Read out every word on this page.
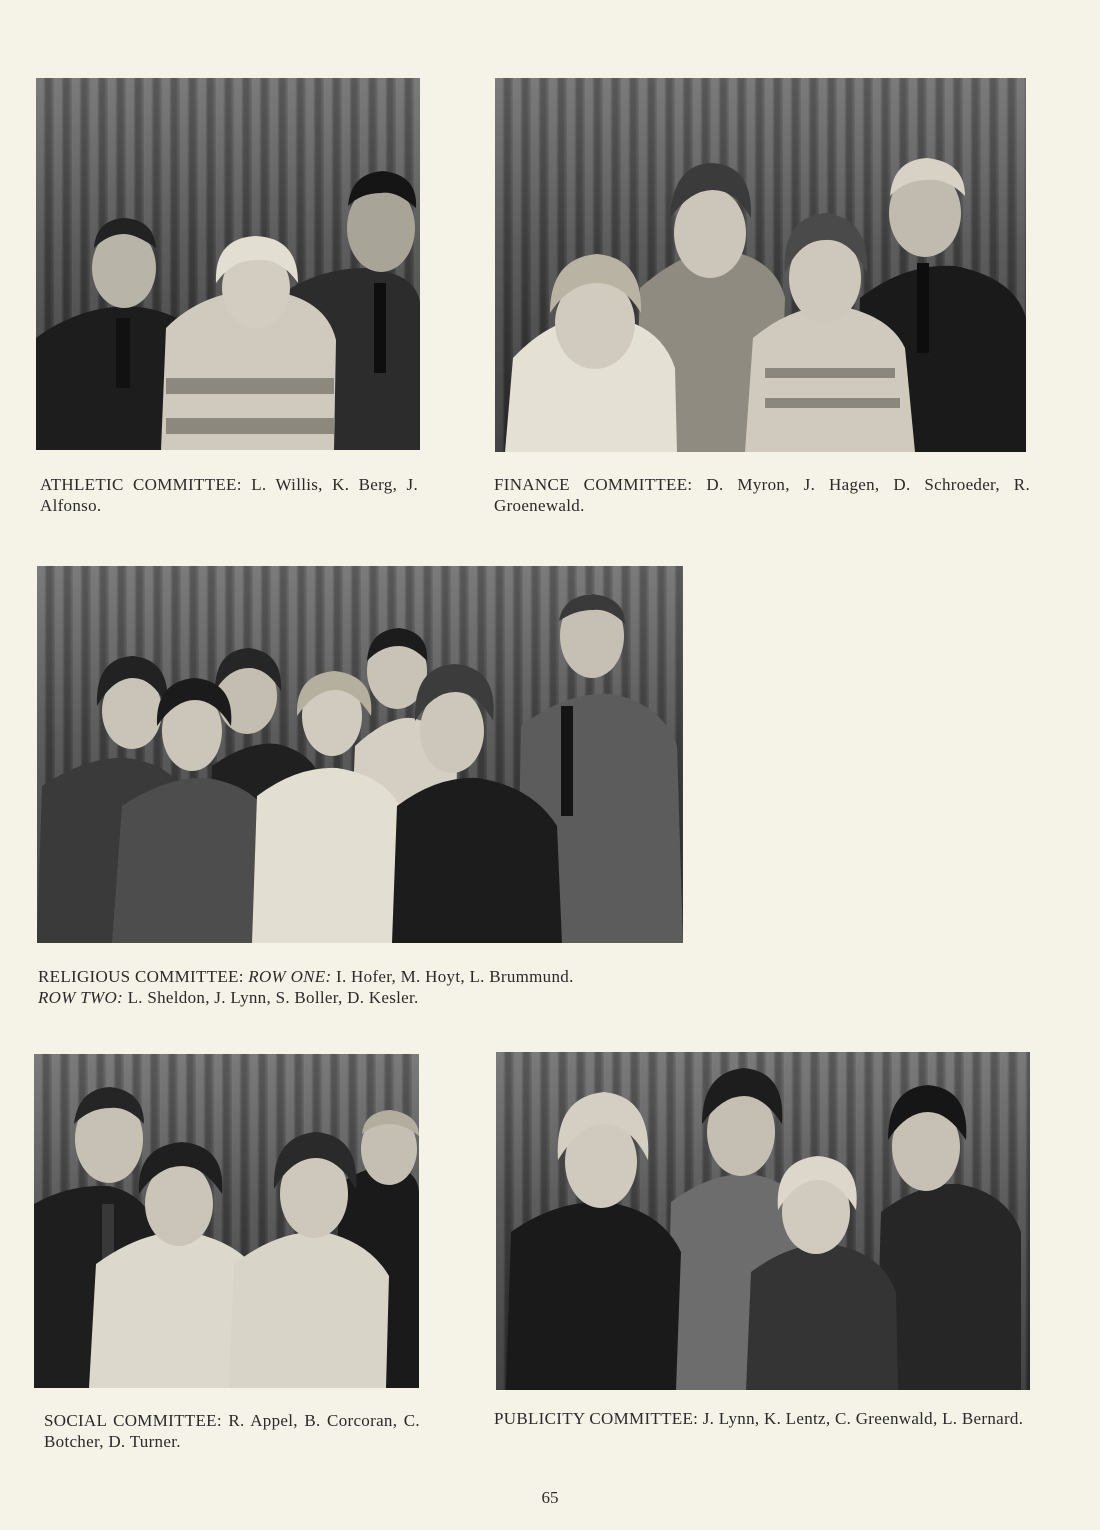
ATHLETIC COMMITTEE: L. Willis, K. Berg, J. Alfonso.
FINANCE COMMITTEE: D. Myron, J. Hagen, D. Schroeder, R. Groenewald.
RELIGIOUS COMMITTEE: ROW ONE: I. Hofer, M. Hoyt, L. Brummund.
ROW TWO: L. Sheldon, J. Lynn, S. Boller, D. Kesler.
SOCIAL COMMITTEE: R. Appel, B. Corcoran, C. Botcher, D. Turner.
PUBLICITY COMMITTEE: J. Lynn, K. Lentz, C. Greenwald, L. Bernard.
65
